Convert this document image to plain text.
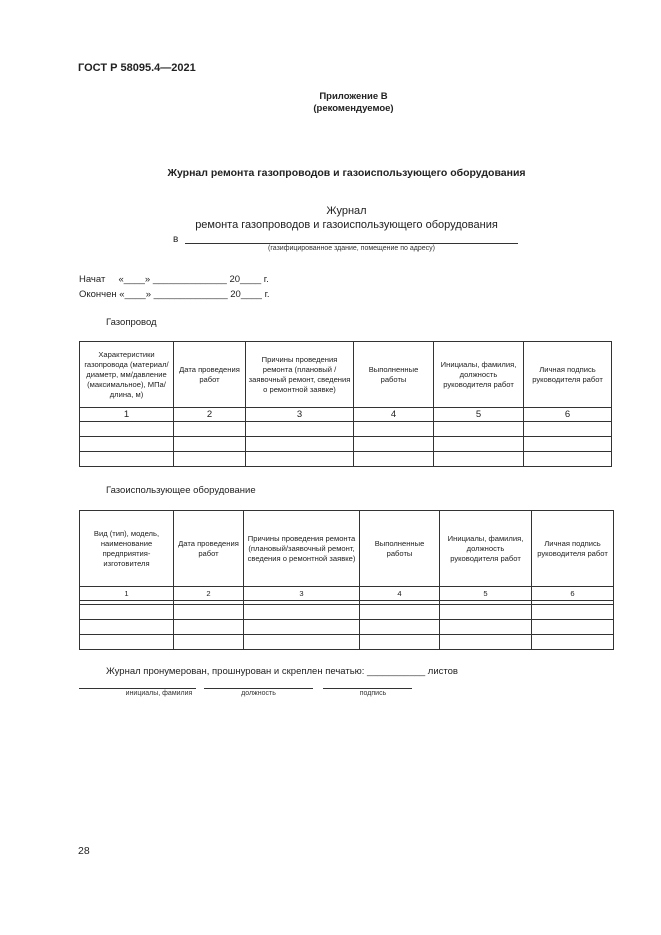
ГОСТ Р 58095.4—2021
Приложение В
(рекомендуемое)
Журнал ремонта газопроводов и газоиспользующего оборудования
Журнал
ремонта газопроводов и газоиспользующего оборудования
в
(газифицированное здание, помещение по адресу)
Начат     «____» ______________ 20____ г.
Окончен «____» ______________ 20____ г.
Газопровод
Характеристики газопровода (материал/диаметр, мм/давление (максимальное), МПа/длина, м)	Дата проведения работ	Причины проведения ремонта (плановый /заявочный ремонт, сведения о ремонтной заявке)	Выполненные работы	Инициалы, фамилия, должность руководителя работ	Личная подпись руководителя работ
1	2	3	4	5	6

Газоиспользующее оборудование
Вид (тип), модель, наименование предприятия-изготовителя	Дата проведения работ	Причины проведения ремонта (плановый/заявочный ремонт, сведения о ремонтной заявке)	Выполненные работы	Инициалы, фамилия, должность руководителя работ	Личная подпись руководителя работ
1	2	3	4	5	6

Журнал пронумерован, прошнурован и скреплен печатью: ___________ листов
инициалы, фамилия	должность	подпись
28
